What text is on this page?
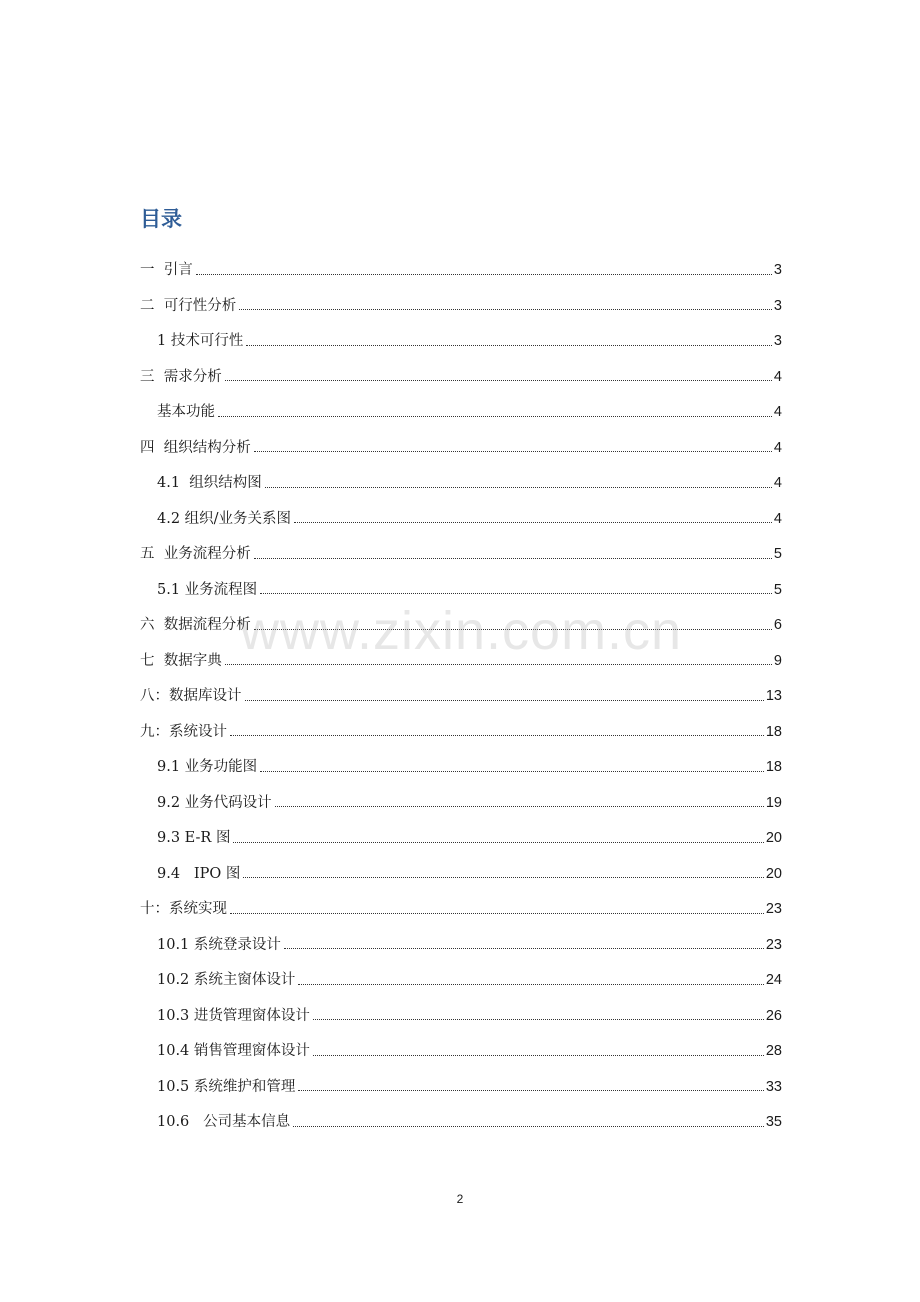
目录
一  引言	3
二  可行性分析	3
1 技术可行性	3
三  需求分析	4
基本功能	4
四  组织结构分析	4
4.1  组织结构图	4
4.2 组织/业务关系图	4
五  业务流程分析	5
5.1 业务流程图	5
六  数据流程分析	6
七  数据字典	9
八：数据库设计	13
九：系统设计	18
9.1 业务功能图	18
9.2 业务代码设计	19
9.3 E-R 图	20
9.4   IPO 图	20
十：系统实现	23
10.1 系统登录设计	23
10.2 系统主窗体设计	24
10.3 进货管理窗体设计	26
10.4 销售管理窗体设计	28
10.5 系统维护和管理	33
10.6   公司基本信息	35
www.zixin.com.cn
2
